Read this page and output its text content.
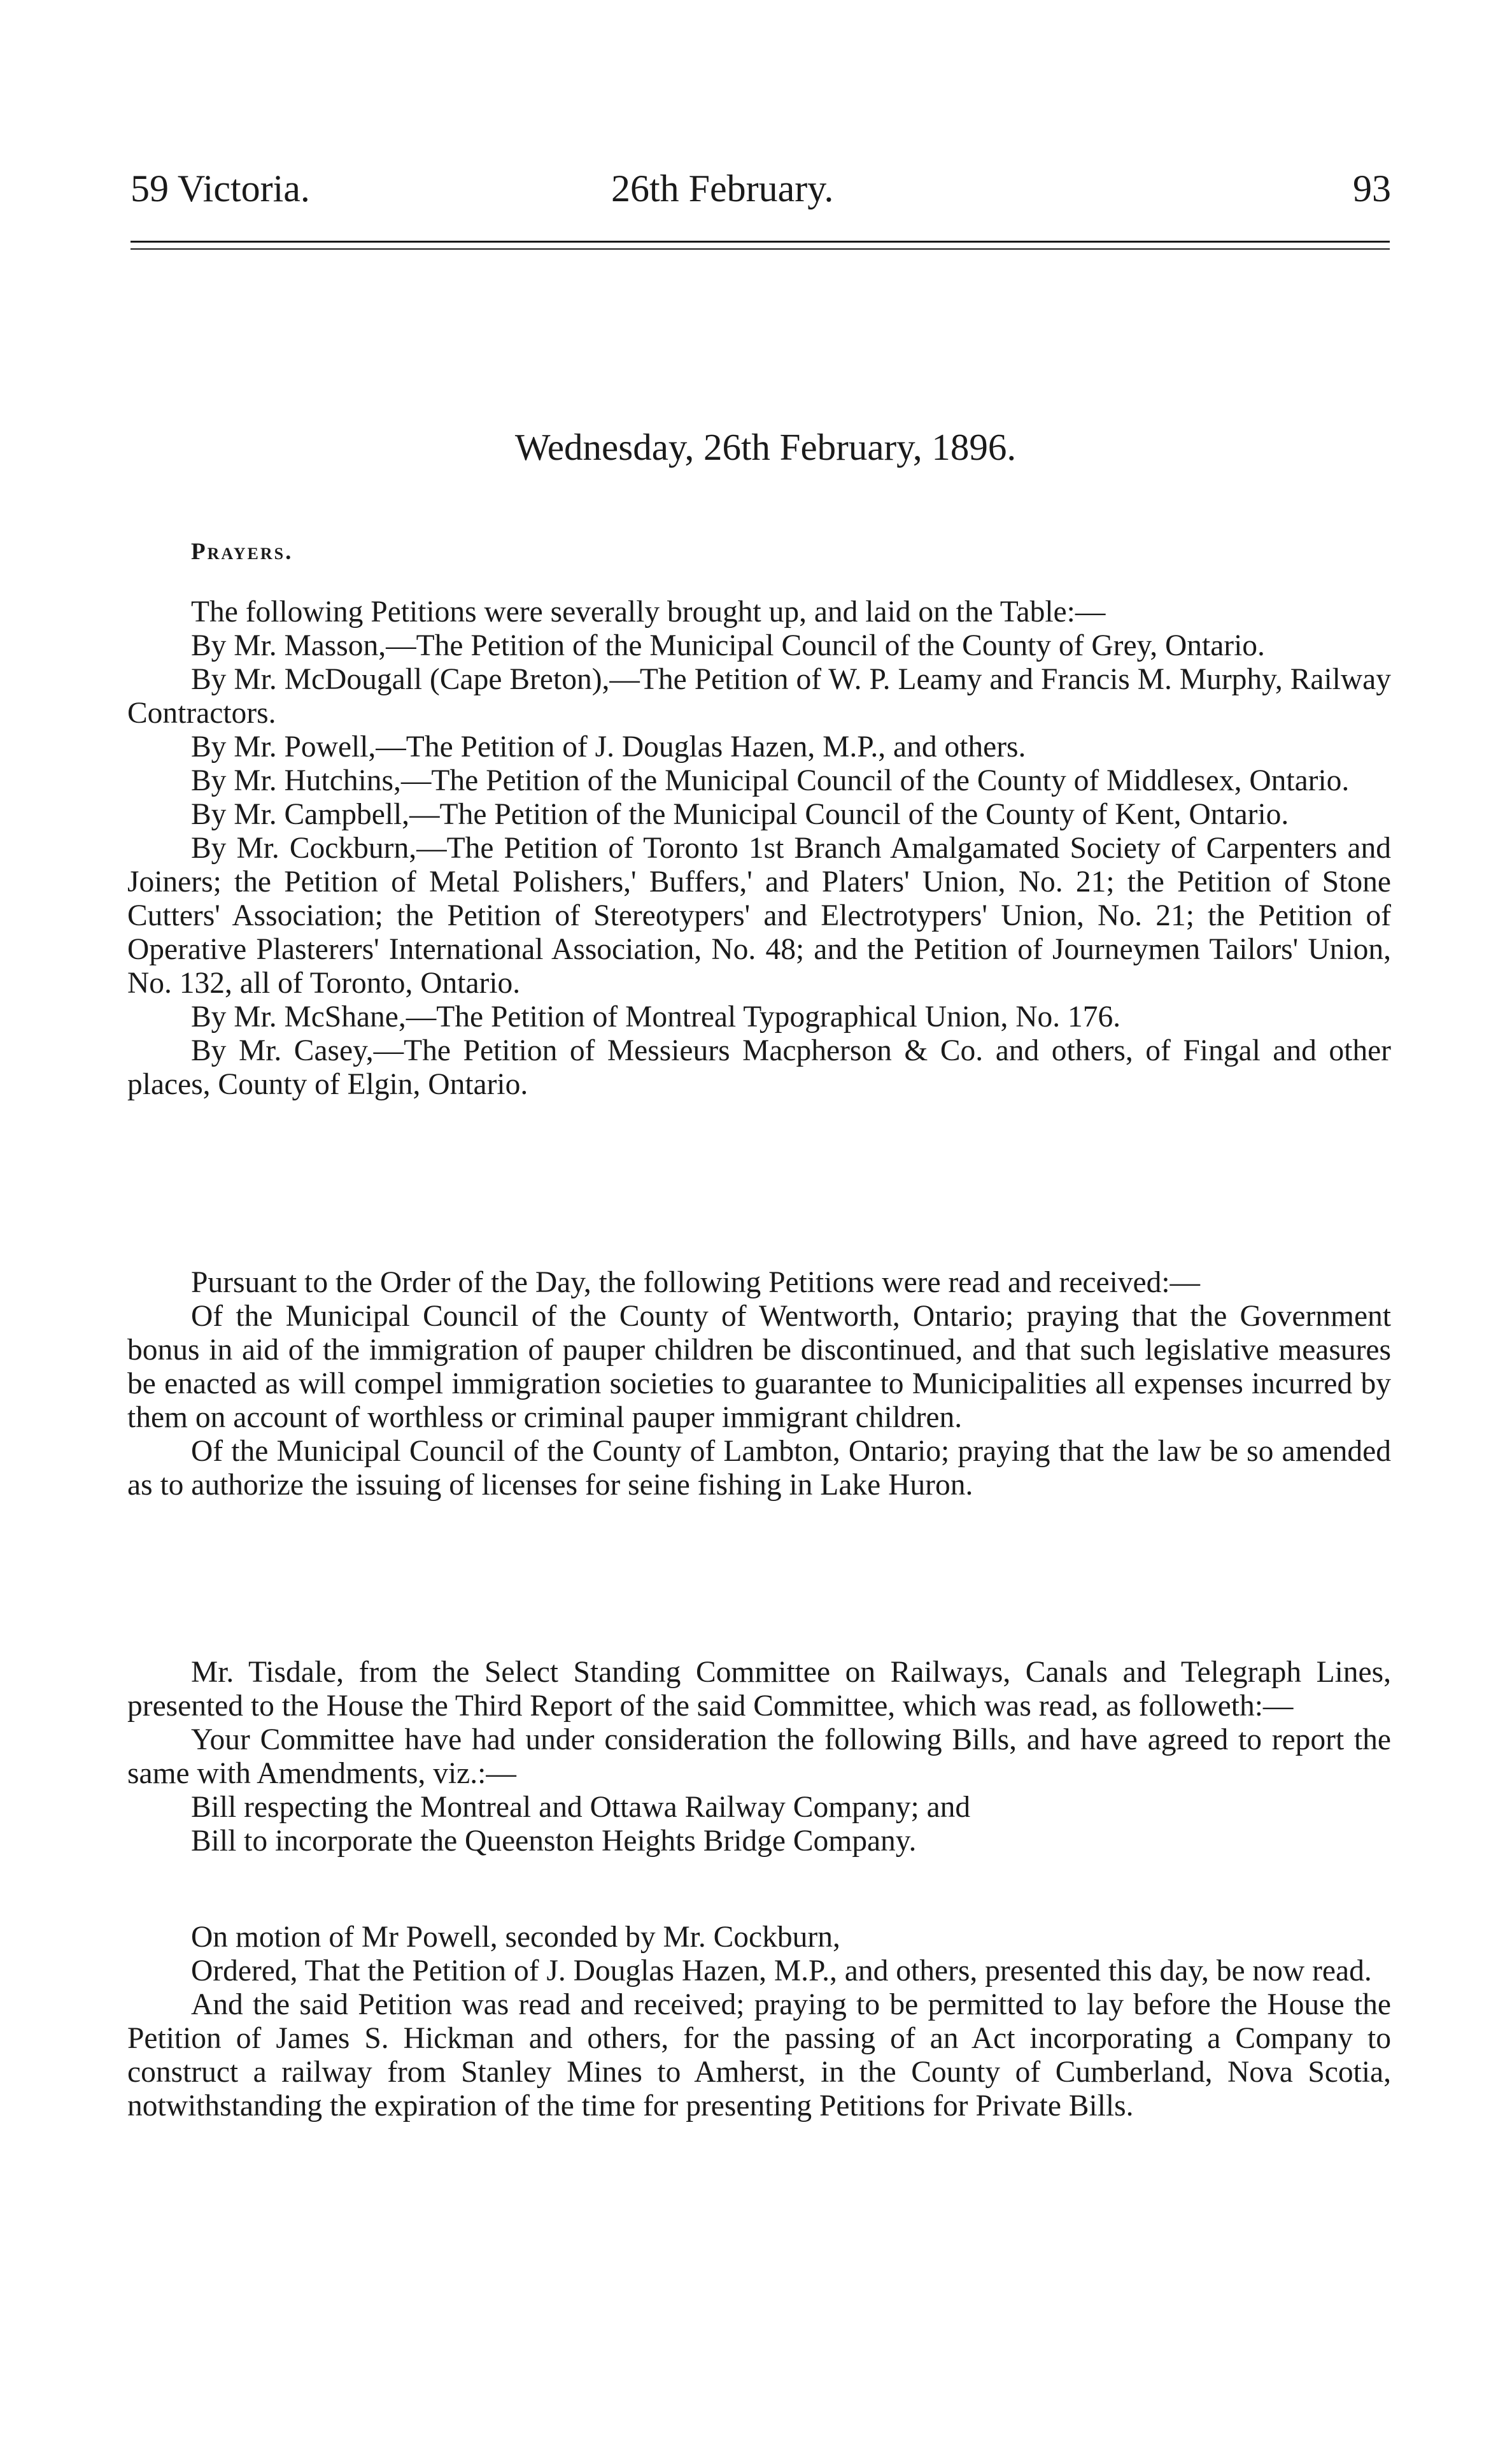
59 Victoria.	26th February.	93
Wednesday, 26th February, 1896.
Prayers.

The following Petitions were severally brought up, and laid on the Table:—

By Mr. Masson,—The Petition of the Municipal Council of the County of Grey, Ontario.

By Mr. McDougall (Cape Breton),—The Petition of W. P. Leamy and Francis M. Murphy, Railway Contractors.

By Mr. Powell,—The Petition of J. Douglas Hazen, M.P., and others.

By Mr. Hutchins,—The Petition of the Municipal Council of the County of Middlesex, Ontario.

By Mr. Campbell,—The Petition of the Municipal Council of the County of Kent, Ontario.

By Mr. Cockburn,—The Petition of Toronto 1st Branch Amalgamated Society of Carpenters and Joiners; the Petition of Metal Polishers,' Buffers,' and Platers' Union, No. 21; the Petition of Stone Cutters' Association; the Petition of Stereotypers' and Electrotypers' Union, No. 21; the Petition of Operative Plasterers' International Association, No. 48; and the Petition of Journeymen Tailors' Union, No. 132, all of Toronto, Ontario.

By Mr. McShane,—The Petition of Montreal Typographical Union, No. 176.

By Mr. Casey,—The Petition of Messieurs Macpherson & Co. and others, of Fingal and other places, County of Elgin, Ontario.

Pursuant to the Order of the Day, the following Petitions were read and received:—

Of the Municipal Council of the County of Wentworth, Ontario; praying that the Government bonus in aid of the immigration of pauper children be discontinued, and that such legislative measures be enacted as will compel immigration societies to guarantee to Municipalities all expenses incurred by them on account of worthless or criminal pauper immigrant children.

Of the Municipal Council of the County of Lambton, Ontario; praying that the law be so amended as to authorize the issuing of licenses for seine fishing in Lake Huron.

Mr. Tisdale, from the Select Standing Committee on Railways, Canals and Telegraph Lines, presented to the House the Third Report of the said Committee, which was read, as followeth:—

Your Committee have had under consideration the following Bills, and have agreed to report the same with Amendments, viz.:—

Bill respecting the Montreal and Ottawa Railway Company; and

Bill to incorporate the Queenston Heights Bridge Company.

On motion of Mr Powell, seconded by Mr. Cockburn,

Ordered, That the Petition of J. Douglas Hazen, M.P., and others, presented this day, be now read.

And the said Petition was read and received; praying to be permitted to lay before the House the Petition of James S. Hickman and others, for the passing of an Act incorporating a Company to construct a railway from Stanley Mines to Amherst, in the County of Cumberland, Nova Scotia, notwithstanding the expiration of the time for presenting Petitions for Private Bills.
